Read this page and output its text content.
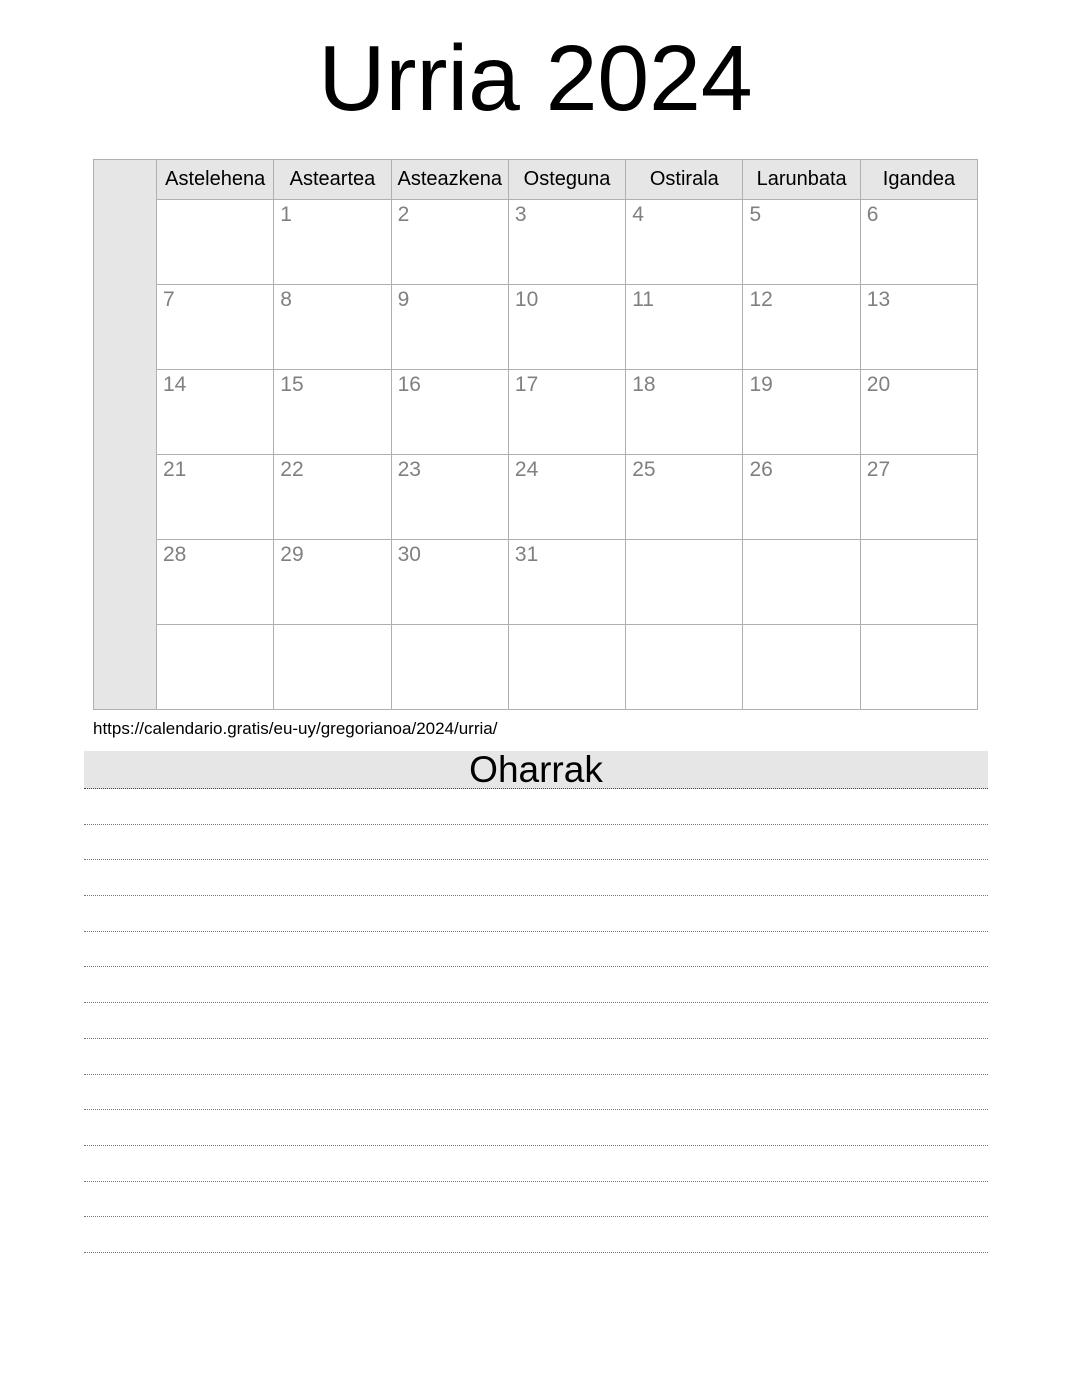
Urria 2024
	Astelehena	Asteartea	Asteazkena	Osteguna	Ostirala	Larunbata	Igandea
		1	2	3	4	5	6
	7	8	9	10	11	12	13
	14	15	16	17	18	19	20
	21	22	23	24	25	26	27
	28	29	30	31			

https://calendario.gratis/eu-uy/gregorianoa/2024/urria/

Oharrak
